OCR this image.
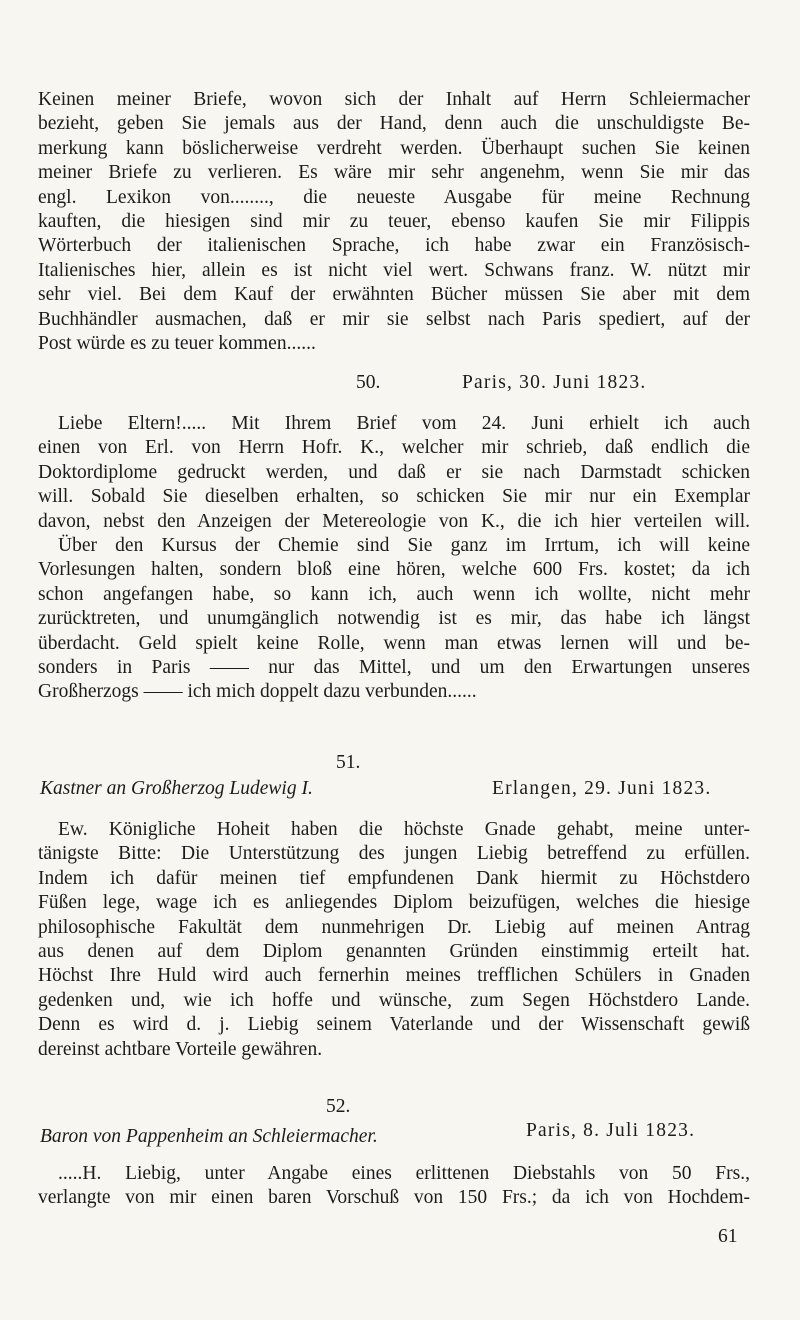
Keinen meiner Briefe, wovon sich der Inhalt auf Herrn Schleiermacher
bezieht, geben Sie jemals aus der Hand, denn auch die unschuldigste Be-
merkung kann böslicherweise verdreht werden. Überhaupt suchen Sie keinen
meiner Briefe zu verlieren. Es wäre mir sehr angenehm, wenn Sie mir das
engl. Lexikon von........, die neueste Ausgabe für meine Rechnung
kauften, die hiesigen sind mir zu teuer, ebenso kaufen Sie mir Filippis
Wörterbuch der italienischen Sprache, ich habe zwar ein Französisch-
Italienisches hier, allein es ist nicht viel wert. Schwans franz. W. nützt mir
sehr viel. Bei dem Kauf der erwähnten Bücher müssen Sie aber mit dem
Buchhändler ausmachen, daß er mir sie selbst nach Paris spediert, auf der
Post würde es zu teuer kommen......
50.	Paris, 30. Juni 1823.
Liebe Eltern!..... Mit Ihrem Brief vom 24. Juni erhielt ich auch
einen von Erl. von Herrn Hofr. K., welcher mir schrieb, daß endlich die
Doktordiplome gedruckt werden, und daß er sie nach Darmstadt schicken
will. Sobald Sie dieselben erhalten, so schicken Sie mir nur ein Exemplar
davon, nebst den Anzeigen der Metereologie von K., die ich hier verteilen will.
Über den Kursus der Chemie sind Sie ganz im Irrtum, ich will keine
Vorlesungen halten, sondern bloß eine hören, welche 600 Frs. kostet; da ich
schon angefangen habe, so kann ich, auch wenn ich wollte, nicht mehr
zurücktreten, und unumgänglich notwendig ist es mir, das habe ich längst
überdacht. Geld spielt keine Rolle, wenn man etwas lernen will und be-
sonders in Paris —— nur das Mittel, und um den Erwartungen unseres
Großherzogs —— ich mich doppelt dazu verbunden......
51.
Kastner an Großherzog Ludewig I.	Erlangen, 29. Juni 1823.
Ew. Königliche Hoheit haben die höchste Gnade gehabt, meine unter-
tänigste Bitte: Die Unterstützung des jungen Liebig betreffend zu erfüllen.
Indem ich dafür meinen tief empfundenen Dank hiermit zu Höchstdero
Füßen lege, wage ich es anliegendes Diplom beizufügen, welches die hiesige
philosophische Fakultät dem nunmehrigen Dr. Liebig auf meinen Antrag
aus denen auf dem Diplom genannten Gründen einstimmig erteilt hat.
Höchst Ihre Huld wird auch fernerhin meines trefflichen Schülers in Gnaden
gedenken und, wie ich hoffe und wünsche, zum Segen Höchstdero Lande.
Denn es wird d. j. Liebig seinem Vaterlande und der Wissenschaft gewiß
dereinst achtbare Vorteile gewähren.
52.
Baron von Pappenheim an Schleiermacher.	Paris, 8. Juli 1823.
.....H. Liebig, unter Angabe eines erlittenen Diebstahls von 50 Frs.,
verlangte von mir einen baren Vorschuß von 150 Frs.; da ich von Hochdem-
61
